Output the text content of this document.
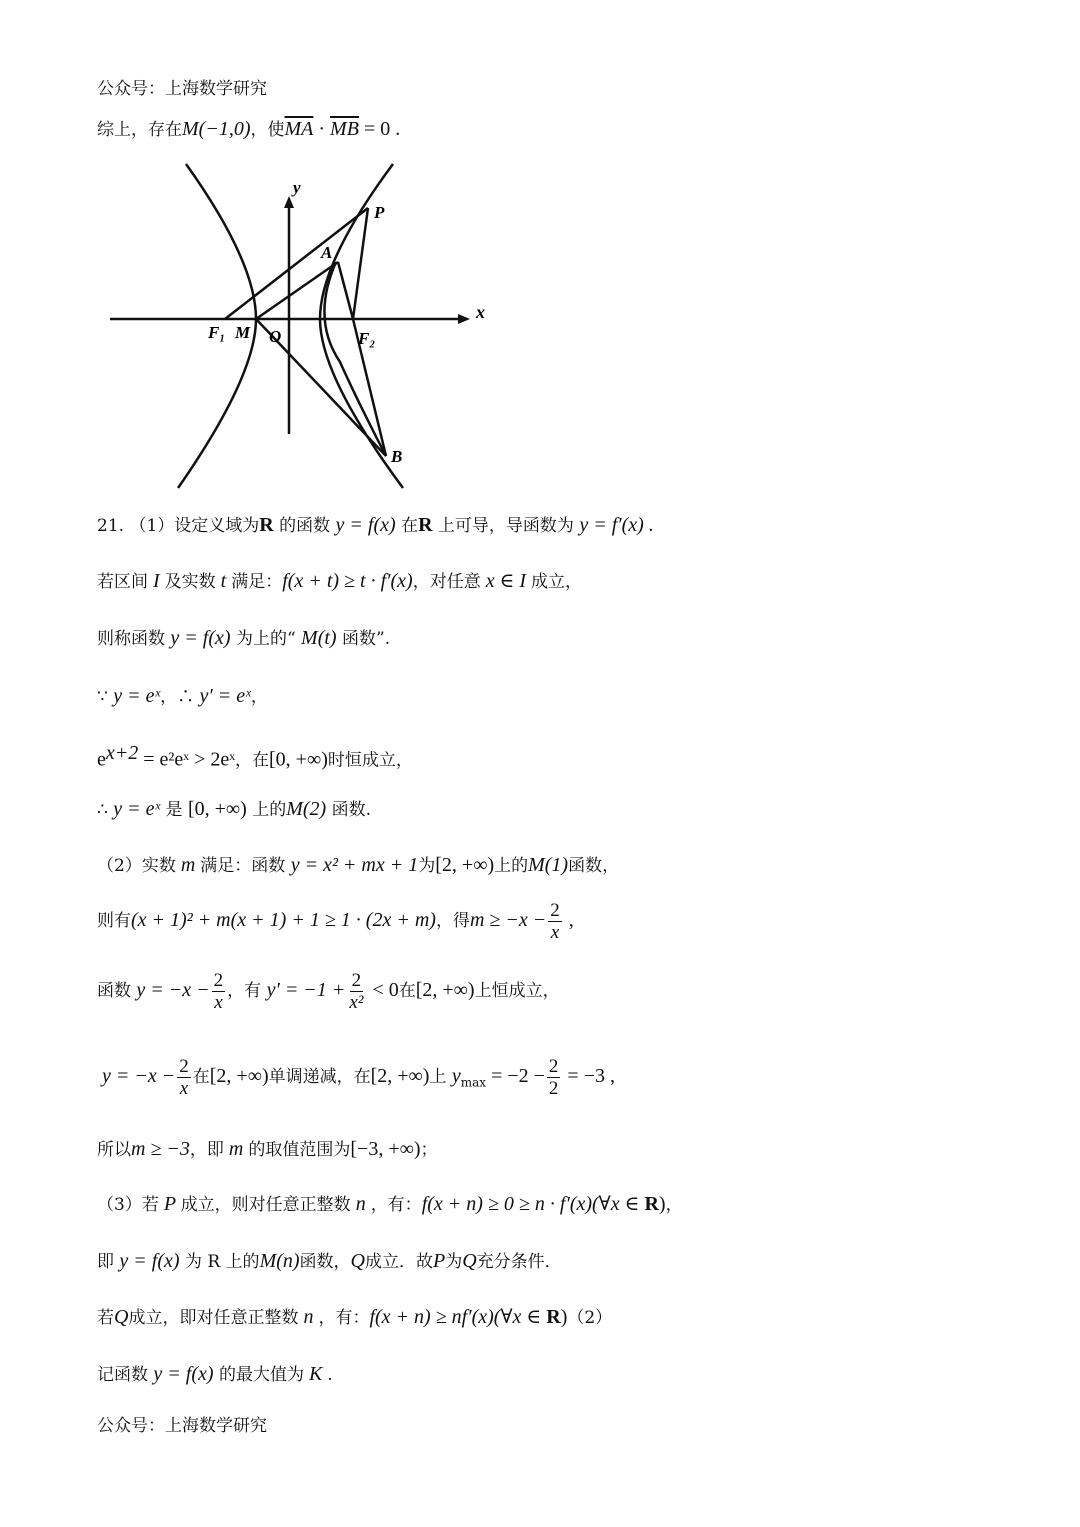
公众号：上海数学研究
综上，存在M(−1,0)，使$\overline{MA} \cdot \overline{MB} = 0$ .
y
x
P
A
F₁ M O	F₂
B
21. （1）设定义域为R 的函数 y = f(x) 在R 上可导，导函数为 y = f′(x) .
若区间 I 及实数 t 满足：f(x + t) ≥ t · f′(x)，对任意 x ∈ I 成立，
则称函数 y = f(x) 为上的“ M(t) 函数”.
∵ y = eˣ，∴ y′ = eˣ，
$e^{x+2}$ = e²eˣ > 2eˣ，在[0, +∞)时恒成立，
∴ y = eˣ 是 [0, +∞) 上的M(2) 函数.
（2）实数 m 满足：函数 y = x² + mx + 1为[2, +∞)上的M(1)函数，
则有(x + 1)² + m(x + 1) + 1 ≥ 1 · (2x + m)，得$m \ge -x - \frac{2}{x}$ ,
函数 $y = -x - \frac{2}{x}$ ，有 $y' = -1 + \frac{2}{\text{x²}} < 0$在[2, +∞)上恒成立，
$y = -x - \frac{2}{x}$ 在[2, +∞)单调递减，在[2, +∞)上 $y_{max} = -2 - \frac{2}{2} = -3$ ,
所以m ≥ −3，即 m 的取值范围为[−3, +∞)；
（3）若 P 成立，则对任意正整数 n ，有：f(x + n) ≥ 0 ≥ n · f′(x)(∀x ∈ R)，
即 y = f(x) 为 R 上的M(n)函数，Q成立．故P为Q充分条件．
若Q成立，即对任意正整数 n ，有：f(x + n) ≥ nf′(x)(∀x ∈ R)（2）
记函数 y = f(x) 的最大值为 K .
公众号：上海数学研究
